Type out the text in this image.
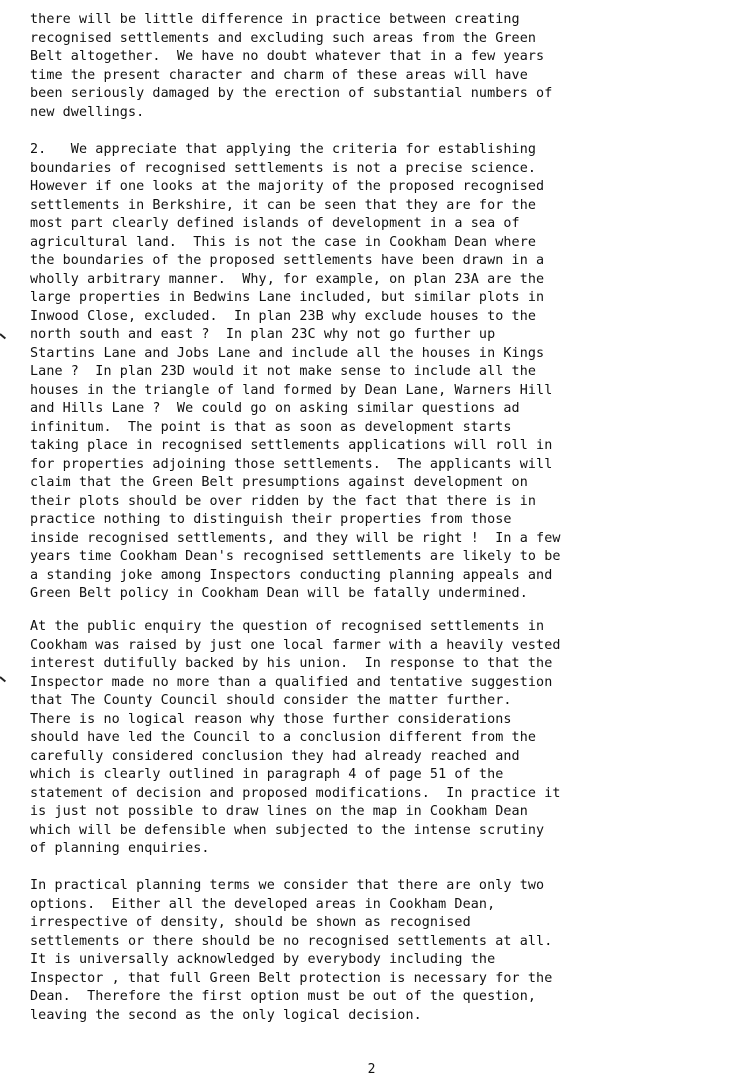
there will be little difference in practice between creating
recognised settlements and excluding such areas from the Green
Belt altogether.  We have no doubt whatever that in a few years
time the present character and charm of these areas will have
been seriously damaged by the erection of substantial numbers of
new dwellings.
2.   We appreciate that applying the criteria for establishing
boundaries of recognised settlements is not a precise science.
However if one looks at the majority of the proposed recognised
settlements in Berkshire, it can be seen that they are for the
most part clearly defined islands of development in a sea of
agricultural land.  This is not the case in Cookham Dean where
the boundaries of the proposed settlements have been drawn in a
wholly arbitrary manner.  Why, for example, on plan 23A are the
large properties in Bedwins Lane included, but similar plots in
Inwood Close, excluded.  In plan 23B why exclude houses to the
north south and east ?  In plan 23C why not go further up
Startins Lane and Jobs Lane and include all the houses in Kings
Lane ?  In plan 23D would it not make sense to include all the
houses in the triangle of land formed by Dean Lane, Warners Hill
and Hills Lane ?  We could go on asking similar questions ad
infinitum.  The point is that as soon as development starts
taking place in recognised settlements applications will roll in
for properties adjoining those settlements.  The applicants will
claim that the Green Belt presumptions against development on
their plots should be over ridden by the fact that there is in
practice nothing to distinguish their properties from those
inside recognised settlements, and they will be right !  In a few
years time Cookham Dean's recognised settlements are likely to be
a standing joke among Inspectors conducting planning appeals and
Green Belt policy in Cookham Dean will be fatally undermined.
At the public enquiry the question of recognised settlements in
Cookham was raised by just one local farmer with a heavily vested
interest dutifully backed by his union.  In response to that the
Inspector made no more than a qualified and tentative suggestion
that The County Council should consider the matter further.
There is no logical reason why those further considerations
should have led the Council to a conclusion different from the
carefully considered conclusion they had already reached and
which is clearly outlined in paragraph 4 of page 51 of the
statement of decision and proposed modifications.  In practice it
is just not possible to draw lines on the map in Cookham Dean
which will be defensible when subjected to the intense scrutiny
of planning enquiries.
In practical planning terms we consider that there are only two
options.  Either all the developed areas in Cookham Dean,
irrespective of density, should be shown as recognised
settlements or there should be no recognised settlements at all.
It is universally acknowledged by everybody including the
Inspector , that full Green Belt protection is necessary for the
Dean.  Therefore the first option must be out of the question,
leaving the second as the only logical decision.
2
